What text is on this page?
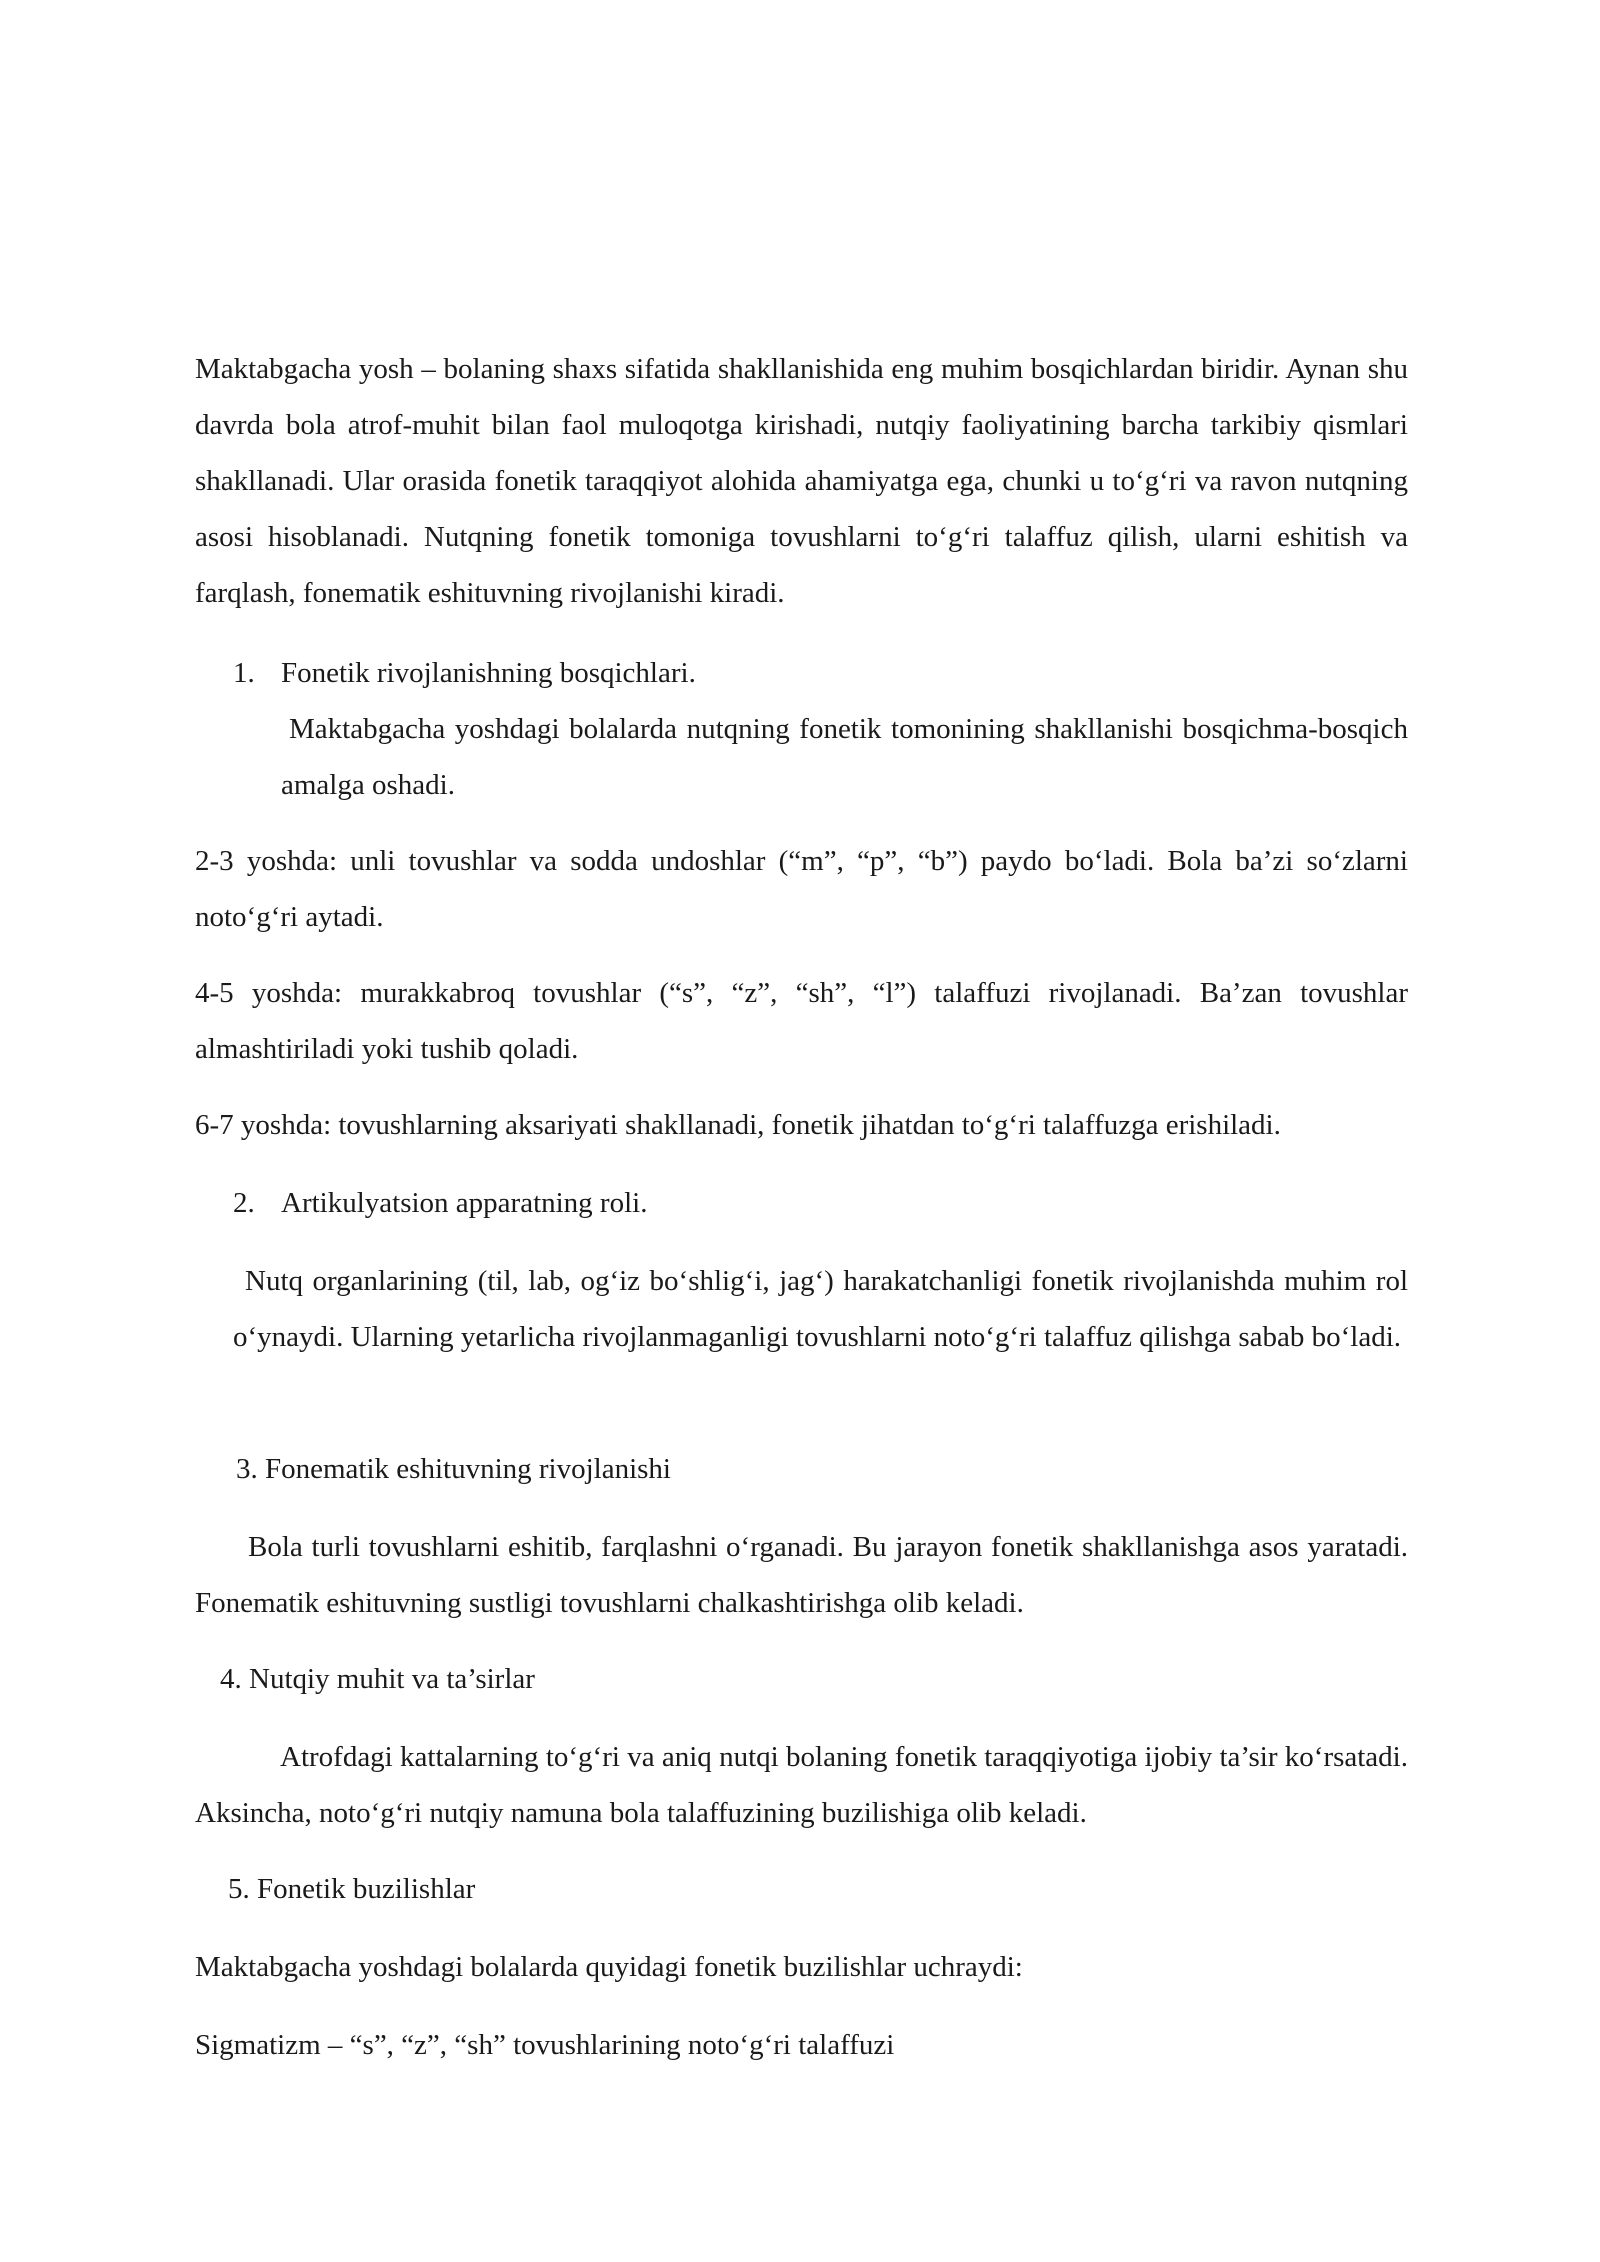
Maktabgacha yosh – bolaning shaxs sifatida shakllanishida eng muhim bosqichlardan biridir. Aynan shu davrda bola atrof-muhit bilan faol muloqotga kirishadi, nutqiy faoliyatining barcha tarkibiy qismlari shakllanadi. Ular orasida fonetik taraqqiyot alohida ahamiyatga ega, chunki u to‘g‘ri va ravon nutqning asosi hisoblanadi. Nutqning fonetik tomoniga tovushlarni to‘g‘ri talaffuz qilish, ularni eshitish va farqlash, fonematik eshituvning rivojlanishi kiradi.

1. Fonetik rivojlanishning bosqichlari.

Maktabgacha yoshdagi bolalarda nutqning fonetik tomonining shakllanishi bosqichma-bosqich amalga oshadi.

2-3 yoshda: unli tovushlar va sodda undoshlar (“m”, “p”, “b”) paydo bo‘ladi. Bola ba’zi so‘zlarni noto‘g‘ri aytadi.

4-5 yoshda: murakkabroq tovushlar (“s”, “z”, “sh”, “l”) talaffuzi rivojlanadi. Ba’zan tovushlar almashtiriladi yoki tushib qoladi.

6-7 yoshda: tovushlarning aksariyati shakllanadi, fonetik jihatdan to‘g‘ri talaffuzga erishiladi.

2. Artikulyatsion apparatning roli.

Nutq organlarining (til, lab, og‘iz bo‘shlig‘i, jag‘) harakatchanligi fonetik rivojlanishda muhim rol o‘ynaydi. Ularning yetarlicha rivojlanmaganligi tovushlarni noto‘g‘ri talaffuz qilishga sabab bo‘ladi.

3. Fonematik eshituvning rivojlanishi

Bola turli tovushlarni eshitib, farqlashni o‘rganadi. Bu jarayon fonetik shakllanishga asos yaratadi. Fonematik eshituvning sustligi tovushlarni chalkashtirishga olib keladi.

4. Nutqiy muhit va ta’sirlar

Atrofdagi kattalarning to‘g‘ri va aniq nutqi bolaning fonetik taraqqiyotiga ijobiy ta’sir ko‘rsatadi. Aksincha, noto‘g‘ri nutqiy namuna bola talaffuzining buzilishiga olib keladi.

5. Fonetik buzilishlar

Maktabgacha yoshdagi bolalarda quyidagi fonetik buzilishlar uchraydi:

Sigmatizm – “s”, “z”, “sh” tovushlarining noto‘g‘ri talaffuzi
